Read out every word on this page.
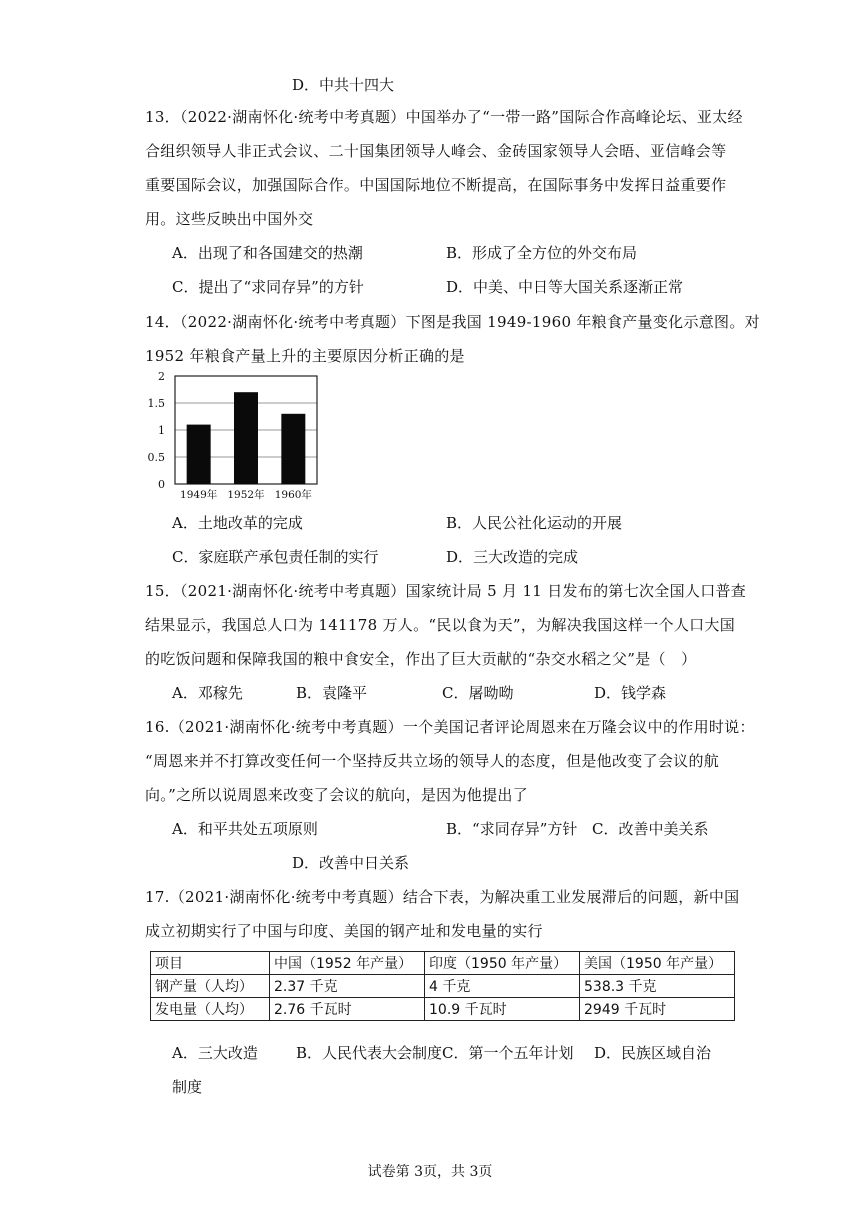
D．中共十四大
13．（2022·湖南怀化·统考中考真题）中国举办了“一带一路”国际合作高峰论坛、亚太经
合组织领导人非正式会议、二十国集团领导人峰会、金砖国家领导人会晤、亚信峰会等
重要国际会议，加强国际合作。中国国际地位不断提高，在国际事务中发挥日益重要作
用。这些反映出中国外交
A．出现了和各国建交的热潮	B．形成了全方位的外交布局
C．提出了“求同存异”的方针	D．中美、中日等大国关系逐渐正常
14．（2022·湖南怀化·统考中考真题）下图是我国 1949-1960 年粮食产量变化示意图。对
1952 年粮食产量上升的主要原因分析正确的是
0
0.5
1
1.5
2
1949年 1952年 1960年
A．土地改革的完成	B．人民公社化运动的开展
C．家庭联产承包责任制的实行	D．三大改造的完成
15．（2021·湖南怀化·统考中考真题）国家统计局 5 月 11 日发布的第七次全国人口普查
结果显示，我国总人口为 141178 万人。“民以食为天”，为解决我国这样一个人口大国
的吃饭问题和保障我国的粮中食安全，作出了巨大贡献的“杂交水稻之父”是（　）
A．邓稼先	B．袁隆平	C．屠呦呦	D．钱学森
16.（2021·湖南怀化·统考中考真题）一个美国记者评论周恩来在万隆会议中的作用时说：
“周恩来并不打算改变任何一个坚持反共立场的领导人的态度，但是他改变了会议的航
向。”之所以说周恩来改变了会议的航向，是因为他提出了
A．和平共处五项原则	B．“求同存异”方针 C．改善中美关系
D．改善中日关系
17.（2021·湖南怀化·统考中考真题）结合下表，为解决重工业发展滞后的问题，新中国
成立初期实行了中国与印度、美国的钢产址和发电量的实行
项目	中国（1952 年产量）	印度（1950 年产量）	美国（1950 年产量）
钢产量（人均）	2.37 千克	4 千克	538.3 千克
发电量（人均）	2.76 千瓦时	10.9 千瓦时	2949 千瓦时
A．三大改造	B．人民代表大会制度 C．第一个五年计划 D．民族区域自治
制度
试卷第 3页，共 3页
